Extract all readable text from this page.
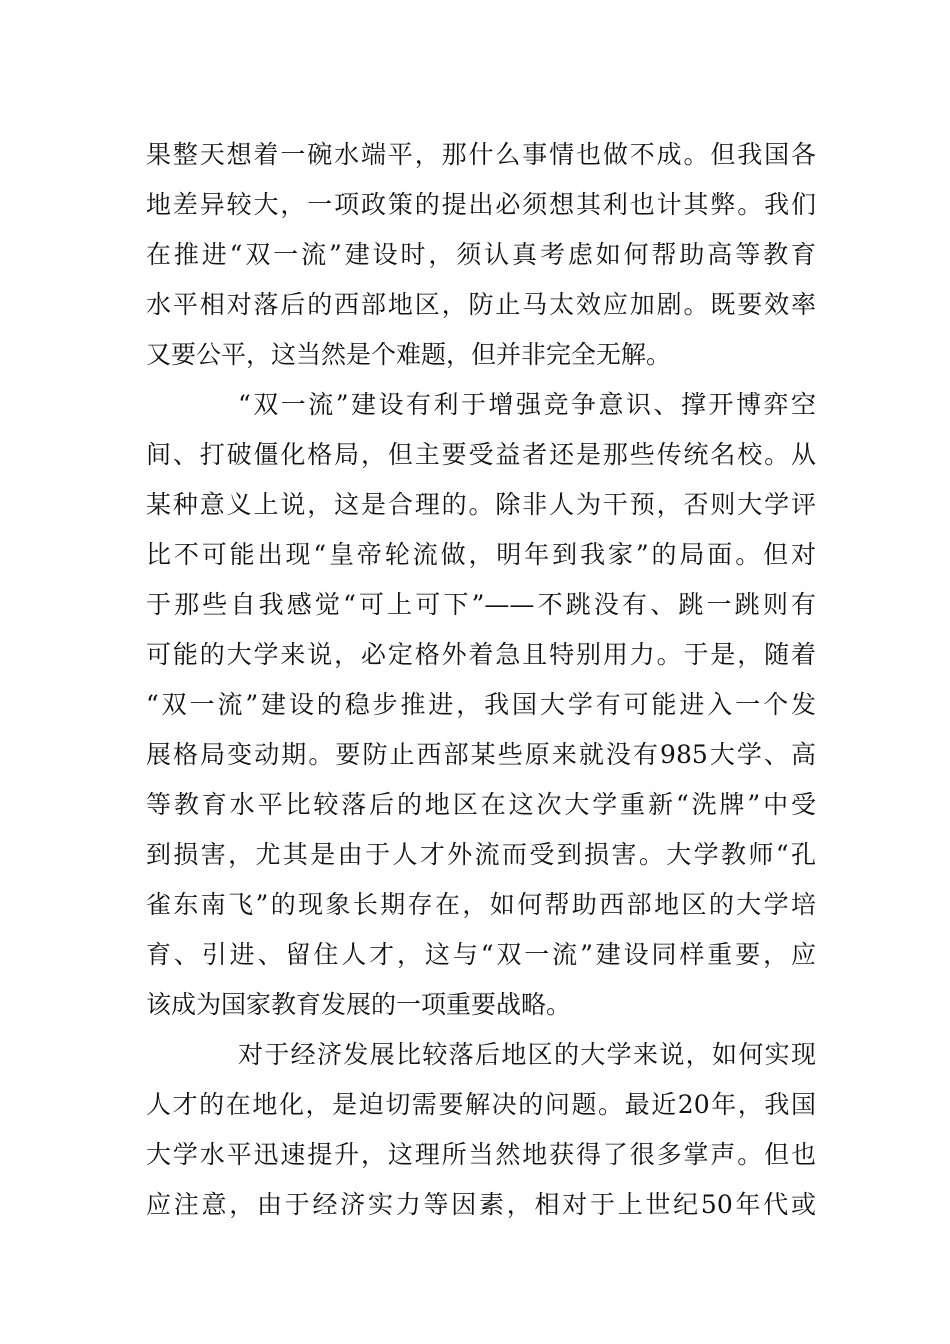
果整天想着一碗水端平，那什么事情也做不成。但我国各
地差异较大，一项政策的提出必须想其利也计其弊。我们
在推进“双一流”建设时，须认真考虑如何帮助高等教育
水平相对落后的西部地区，防止马太效应加剧。既要效率
又要公平，这当然是个难题，但并非完全无解。
“双一流”建设有利于增强竞争意识、撑开博弈空
间、打破僵化格局，但主要受益者还是那些传统名校。从
某种意义上说，这是合理的。除非人为干预，否则大学评
比不可能出现“皇帝轮流做，明年到我家”的局面。但对
于那些自我感觉“可上可下”——不跳没有、跳一跳则有
可能的大学来说，必定格外着急且特别用力。于是，随着
“双一流”建设的稳步推进，我国大学有可能进入一个发
展格局变动期。要防止西部某些原来就没有985大学、高
等教育水平比较落后的地区在这次大学重新“洗牌”中受
到损害，尤其是由于人才外流而受到损害。大学教师“孔
雀东南飞”的现象长期存在，如何帮助西部地区的大学培
育、引进、留住人才，这与“双一流”建设同样重要，应
该成为国家教育发展的一项重要战略。
对于经济发展比较落后地区的大学来说，如何实现
人才的在地化，是迫切需要解决的问题。最近20年，我国
大学水平迅速提升，这理所当然地获得了很多掌声。但也
应注意，由于经济实力等因素，相对于上世纪50年代或
